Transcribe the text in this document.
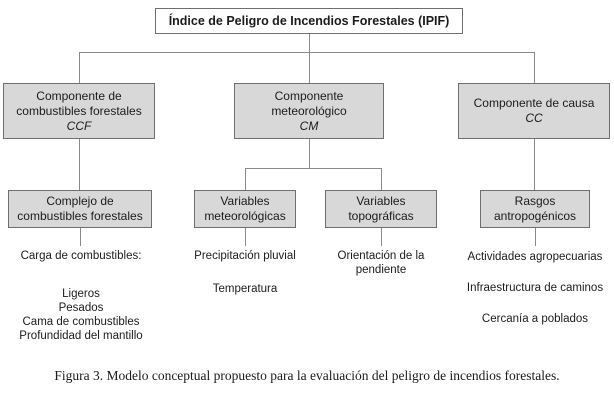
Índice de Peligro de Incendios Forestales (IPIF)
Componente de combustibles forestales
CCF
Componente meteorológico
CM
Componente de causa
CC
Complejo de combustibles forestales
Variables meteorológicas
Variables topográficas
Rasgos antropogénicos
Carga de combustibles:
Ligeros
Pesados
Cama de combustibles
Profundidad del mantillo
Precipitación pluvial
Temperatura
Orientación de la pendiente
Actividades agropecuarias
Infraestructura de caminos
Cercanía a poblados
Figura 3. Modelo conceptual propuesto para la evaluación del peligro de incendios forestales.
